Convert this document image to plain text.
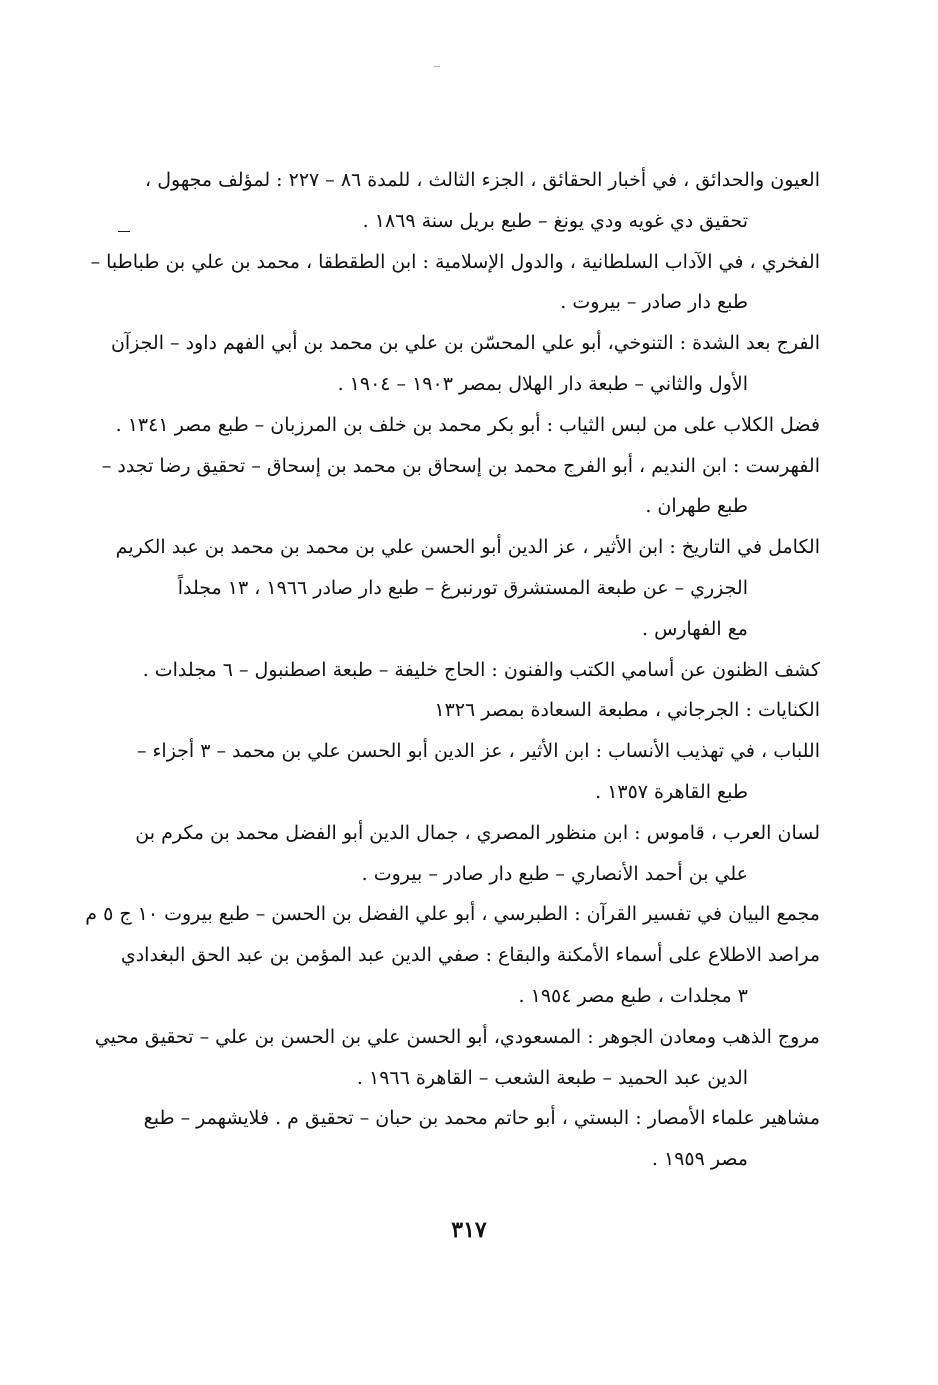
العيون والحدائق ، في أخبار الحقائق ، الجزء الثالث ، للمدة ٨٦ – ٢٢٧ : لمؤلف مجهول ،
تحقيق دي غويه ودي يونغ – طبع بريل سنة ١٨٦٩ .
الفخري ، في الآداب السلطانية ، والدول الإسلامية : ابن الطقطقا ، محمد بن علي بن طباطبا –
طبع دار صادر – بيروت .
الفرج بعد الشدة : التنوخي، أبو علي المحسّن بن علي بن محمد بن أبي الفهم داود – الجزآن
الأول والثاني – طبعة دار الهلال بمصر ١٩٠٣ – ١٩٠٤ .
فضل الكلاب على من لبس الثياب : أبو بكر محمد بن خلف بن المرزبان – طبع مصر ١٣٤١ .
الفهرست : ابن النديم ، أبو الفرج محمد بن إسحاق بن محمد بن إسحاق – تحقيق رضا تجدد –
طبع طهران .
الكامل في التاريخ : ابن الأثير ، عز الدين أبو الحسن علي بن محمد بن محمد بن عبد الكريم
الجزري – عن طبعة المستشرق تورنبرغ – طبع دار صادر ١٩٦٦ ، ١٣ مجلداً
مع الفهارس .
كشف الظنون عن أسامي الكتب والفنون : الحاج خليفة – طبعة اصطنبول – ٦ مجلدات .
الكنايات : الجرجاني ، مطبعة السعادة بمصر ١٣٢٦
اللباب ، في تهذيب الأنساب : ابن الأثير ، عز الدين أبو الحسن علي بن محمد – ٣ أجزاء –
طبع القاهرة ١٣٥٧ .
لسان العرب ، قاموس : ابن منظور المصري ، جمال الدين أبو الفضل محمد بن مكرم بن
علي بن أحمد الأنصاري – طبع دار صادر – بيروت .
مجمع البيان في تفسير القرآن : الطبرسي ، أبو علي الفضل بن الحسن – طبع بيروت ١٠ ج ٥ م
مراصد الاطلاع على أسماء الأمكنة والبقاع : صفي الدين عبد المؤمن بن عبد الحق البغدادي
٣ مجلدات ، طبع مصر ١٩٥٤ .
مروج الذهب ومعادن الجوهر : المسعودي، أبو الحسن علي بن الحسن بن علي – تحقيق محيي
الدين عبد الحميد – طبعة الشعب – القاهرة ١٩٦٦ .
مشاهير علماء الأمصار : البستي ، أبو حاتم محمد بن حبان – تحقيق م . فلايشهمر – طبع
مصر ١٩٥٩ .
٣١٧
